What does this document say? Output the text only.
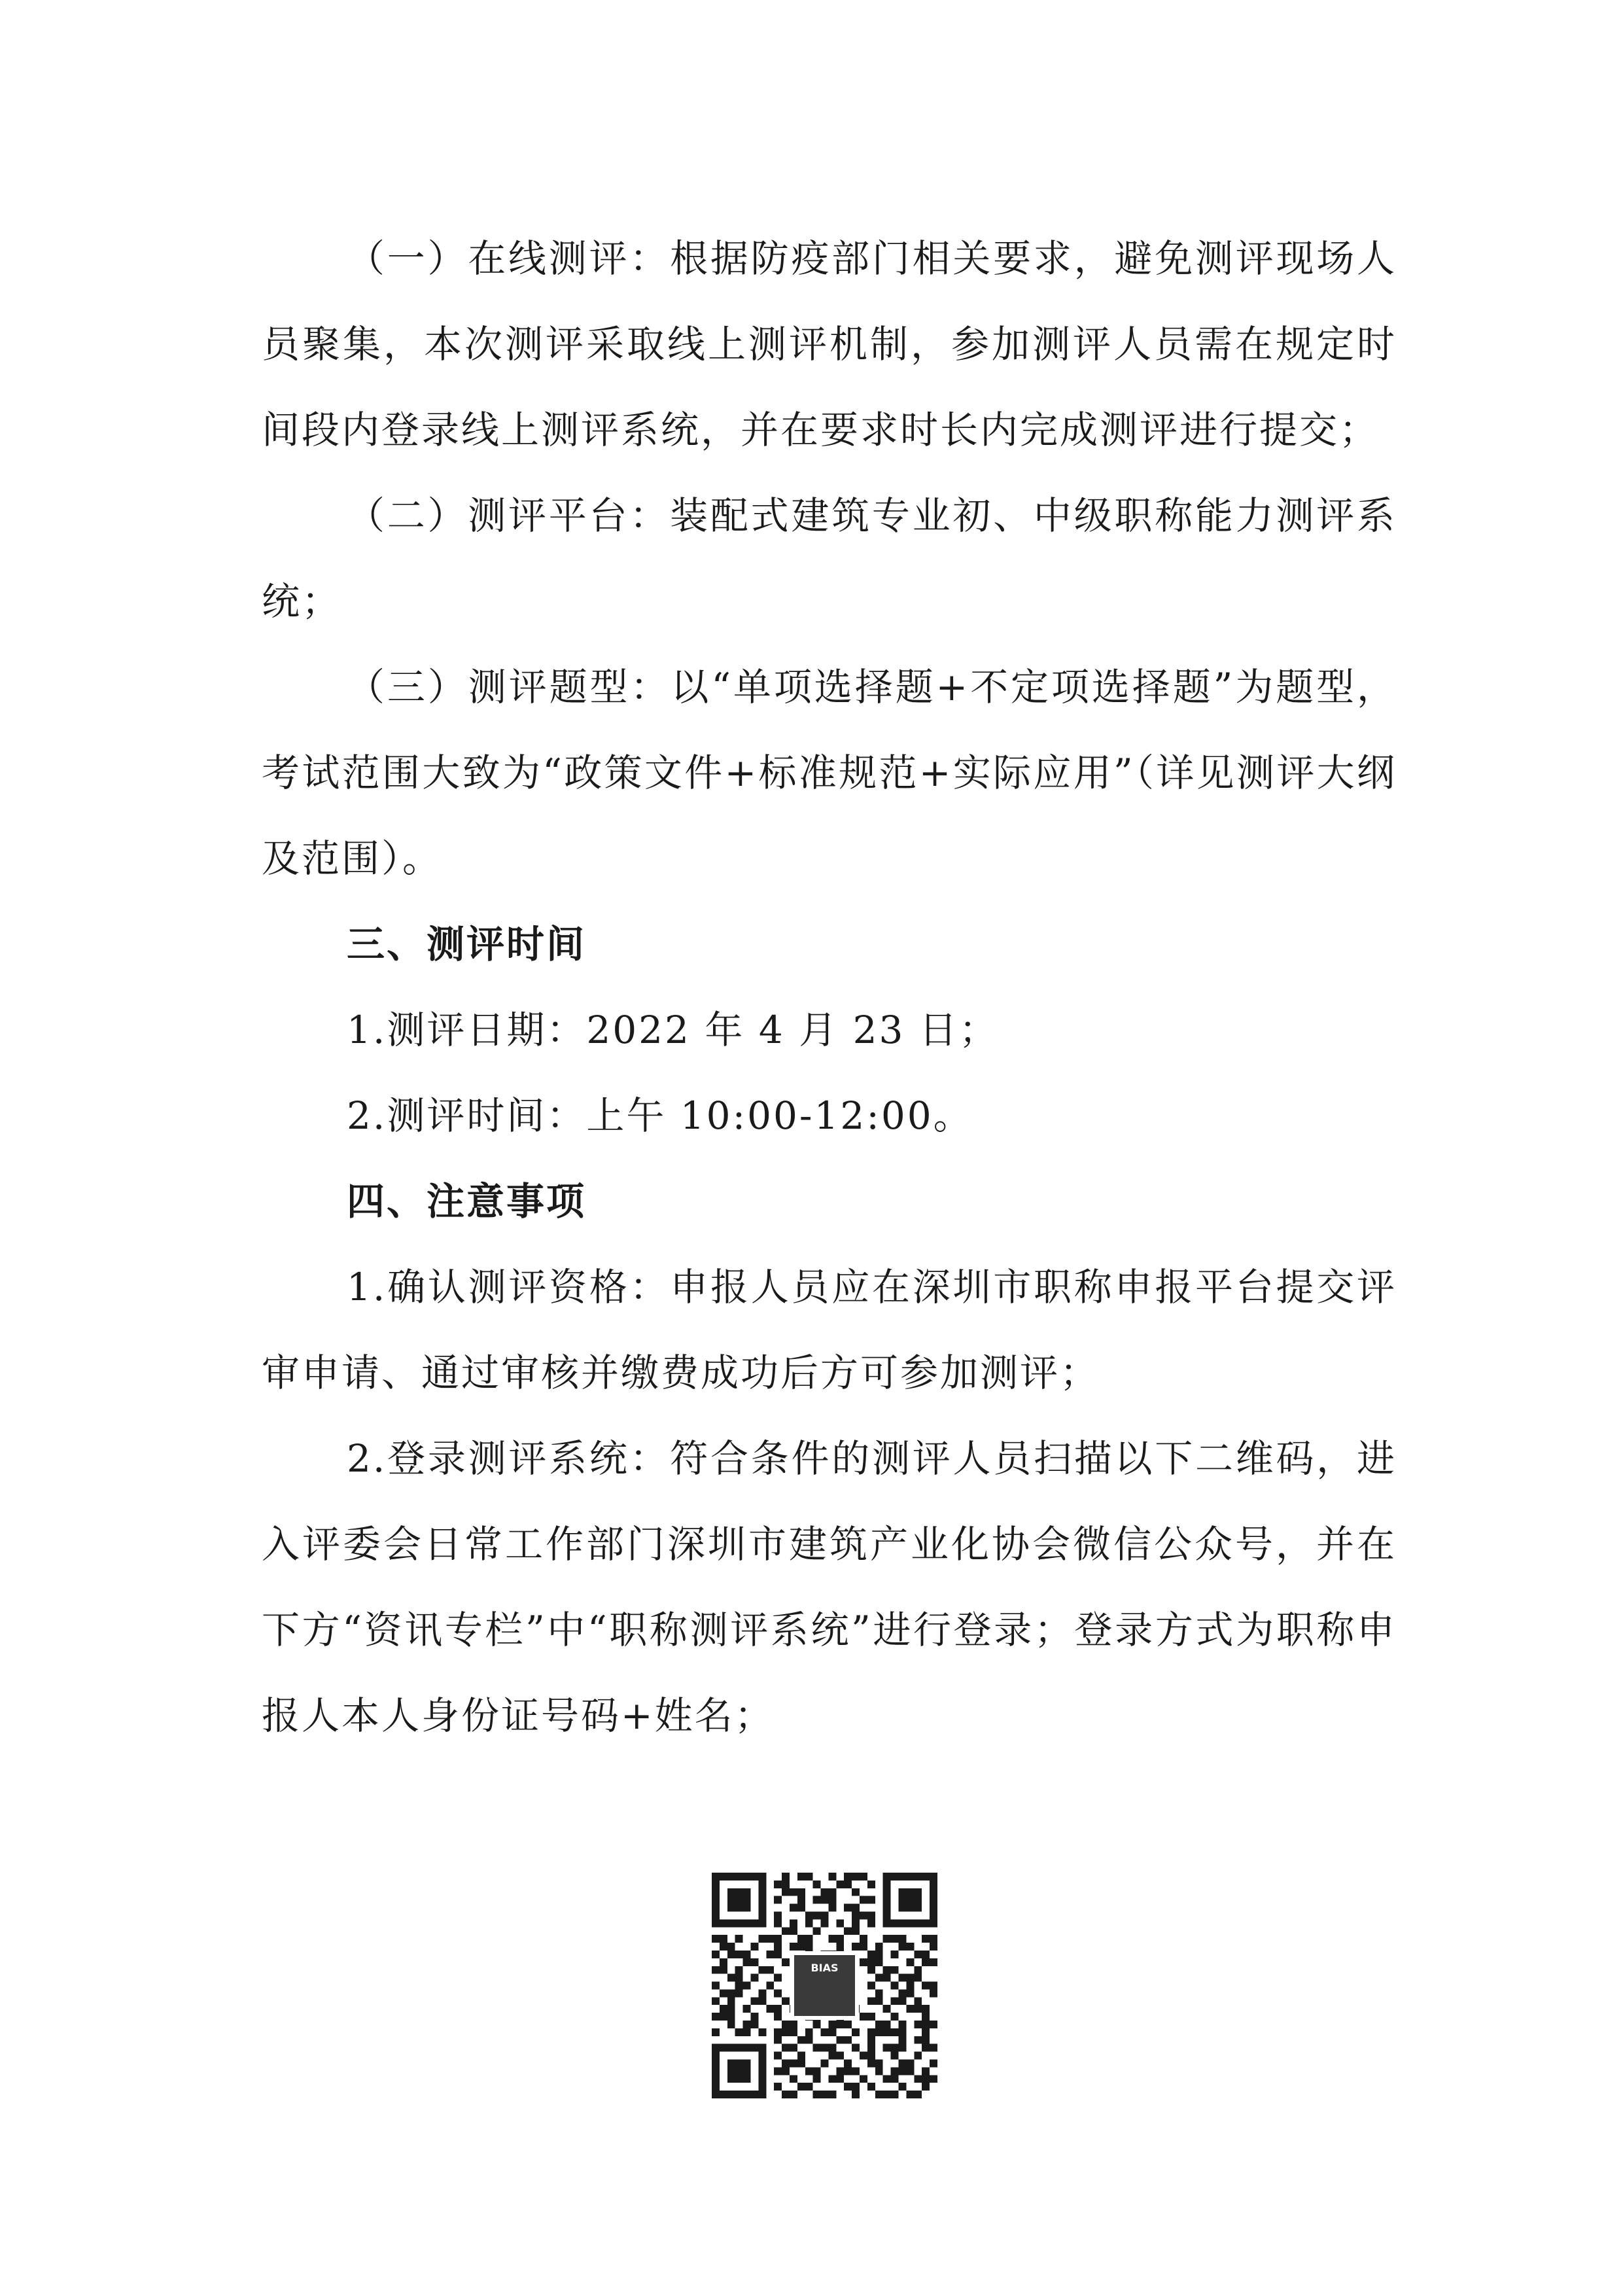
（一）在线测评：根据防疫部门相关要求，避免测评现场人员聚集，本次测评采取线上测评机制，参加测评人员需在规定时间段内登录线上测评系统，并在要求时长内完成测评进行提交；

（二）测评平台：装配式建筑专业初、中级职称能力测评系统；

（三）测评题型：以“单项选择题+不定项选择题”为题型，考试范围大致为“政策文件+标准规范+实际应用”（详见测评大纲及范围）。

三、测评时间

1.测评日期：2022 年 4 月 23 日；

2.测评时间：上午 10:00-12:00。

四、注意事项

1.确认测评资格：申报人员应在深圳市职称申报平台提交评审申请、通过审核并缴费成功后方可参加测评；

2.登录测评系统：符合条件的测评人员扫描以下二维码，进入评委会日常工作部门深圳市建筑产业化协会微信公众号，并在下方“资讯专栏”中“职称测评系统”进行登录；登录方式为职称申报人本人身份证号码+姓名；

BIAS
